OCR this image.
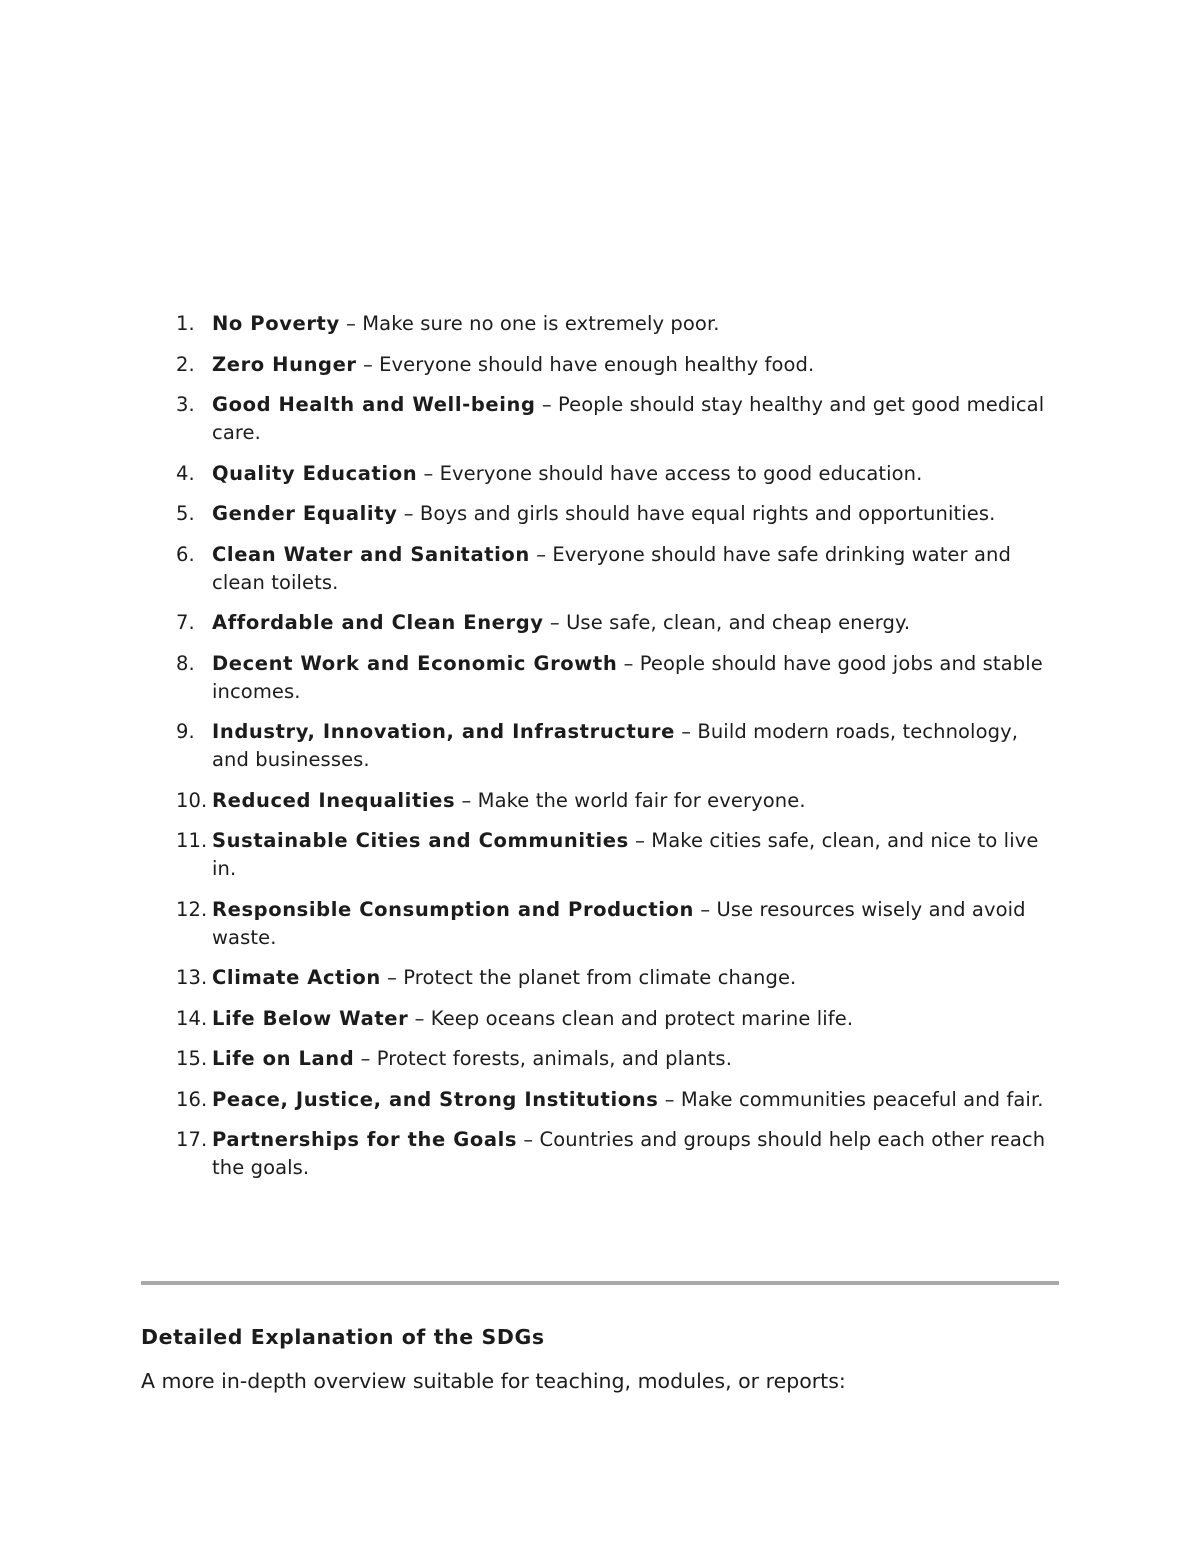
1. No Poverty – Make sure no one is extremely poor.
2. Zero Hunger – Everyone should have enough healthy food.
3. Good Health and Well-being – People should stay healthy and get good medical care.
4. Quality Education – Everyone should have access to good education.
5. Gender Equality – Boys and girls should have equal rights and opportunities.
6. Clean Water and Sanitation – Everyone should have safe drinking water and clean toilets.
7. Affordable and Clean Energy – Use safe, clean, and cheap energy.
8. Decent Work and Economic Growth – People should have good jobs and stable incomes.
9. Industry, Innovation, and Infrastructure – Build modern roads, technology, and businesses.
10. Reduced Inequalities – Make the world fair for everyone.
11. Sustainable Cities and Communities – Make cities safe, clean, and nice to live in.
12. Responsible Consumption and Production – Use resources wisely and avoid waste.
13. Climate Action – Protect the planet from climate change.
14. Life Below Water – Keep oceans clean and protect marine life.
15. Life on Land – Protect forests, animals, and plants.
16. Peace, Justice, and Strong Institutions – Make communities peaceful and fair.
17. Partnerships for the Goals – Countries and groups should help each other reach the goals.
Detailed Explanation of the SDGs

A more in-depth overview suitable for teaching, modules, or reports:
